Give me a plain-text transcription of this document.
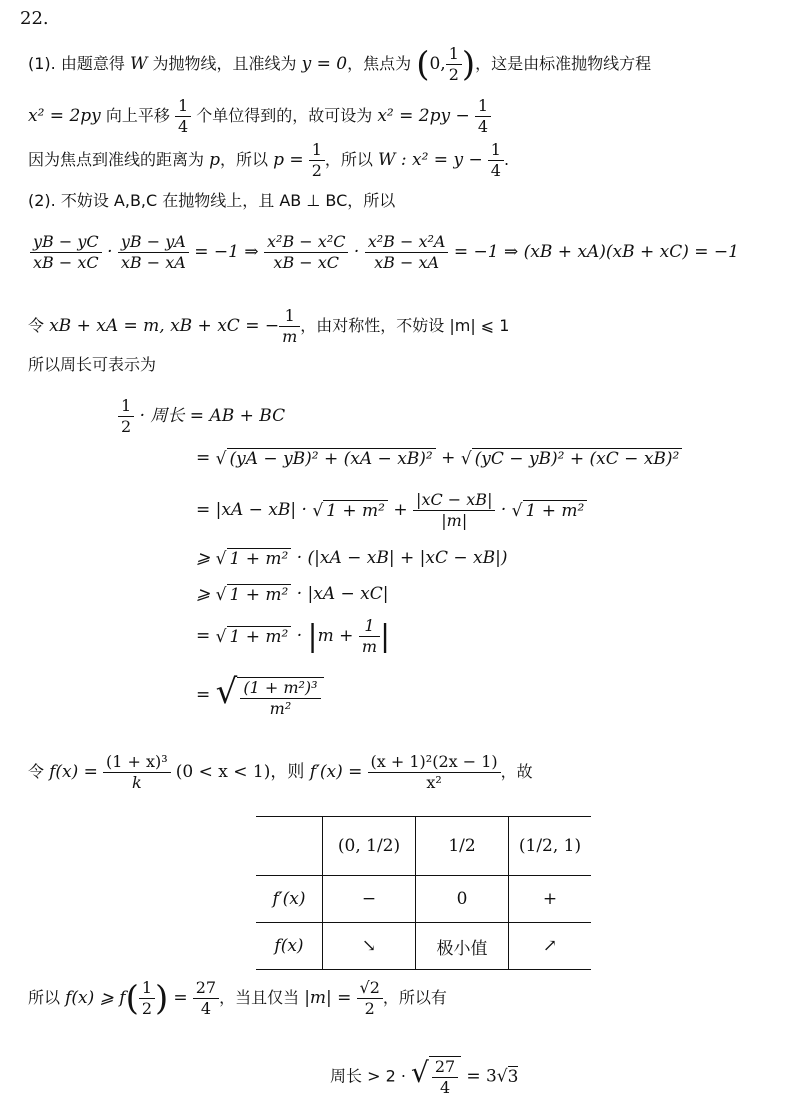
22.
(1). 由题意得 W 为抛物线，且准线为 y = 0，焦点为 (0, $\frac{1}{2}$ )，这是由标准抛物线方程
x² = 2py 向上平移 $\frac{1}{4}$ 个单位得到的，故可设为 $x^2 = 2py - \frac{1}{4}$
因为焦点到准线的距离为 p，所以 $p = \frac{1}{2}$ ，所以 W : $x^2 = y - \frac{1}{4}$ .
(2). 不妨设 A,B,C 在抛物线上，且 AB ⊥ BC，所以
$\frac{yB - yC}{xB - xC} \cdot \frac{yB - yA}{xB - xA} = -1$ ⇒ $\frac{\text{x²B − x²C}}{xB - xC} \cdot \frac{\text{x²B − x²A}}{xB - xA} = -1$ ⇒ (xB + xA)(xB + xC) = −1
令 xB + xA = m, xB + xC = − $\frac{1}{m}$ ，由对称性，不妨设 |m| ⩽ 1
所以周长可表示为
$\frac{1}{2}$ · 周长 = AB + BC
= √ (yA − yB)² + (xA − xB)² + √ (yC − yB)² + (xC − xB)²
= |xA − xB| · √ $1 + m^2 + \frac{|xC - xB|}{|m|}$ · √ 1 + m²
⩾ √ 1 + m² · (|xA − xB| + |xC − xB|)
⩾ √ 1 + m² · |xA − xC|
= √ $1 + m^2 \cdot |m + \frac{1}{m}$ |
= √ $\frac{\text{(1 + m²)³}}{\text{m²}}$
令 $f(x) = \frac{\text{(1 + x)³}}{k} (0 < x < 1)$，则 $f'(x) = \frac{\text{(x + 1)²(2x − 1)}}{\text{x²}}$ ，故
	(0, 1/2)	1/2	(1/2, 1)
f′(x)	−	0	+
f(x)	↘	极小值	↗
所以 f(x) ⩾ $f( \frac{1}{2}$ ) = $\frac{27}{4}$ ，当且仅当 $|m| = \frac{√2}{2}$ ，所以有
周长 > 2 · √ $\frac{27}{4} = 3√3$
